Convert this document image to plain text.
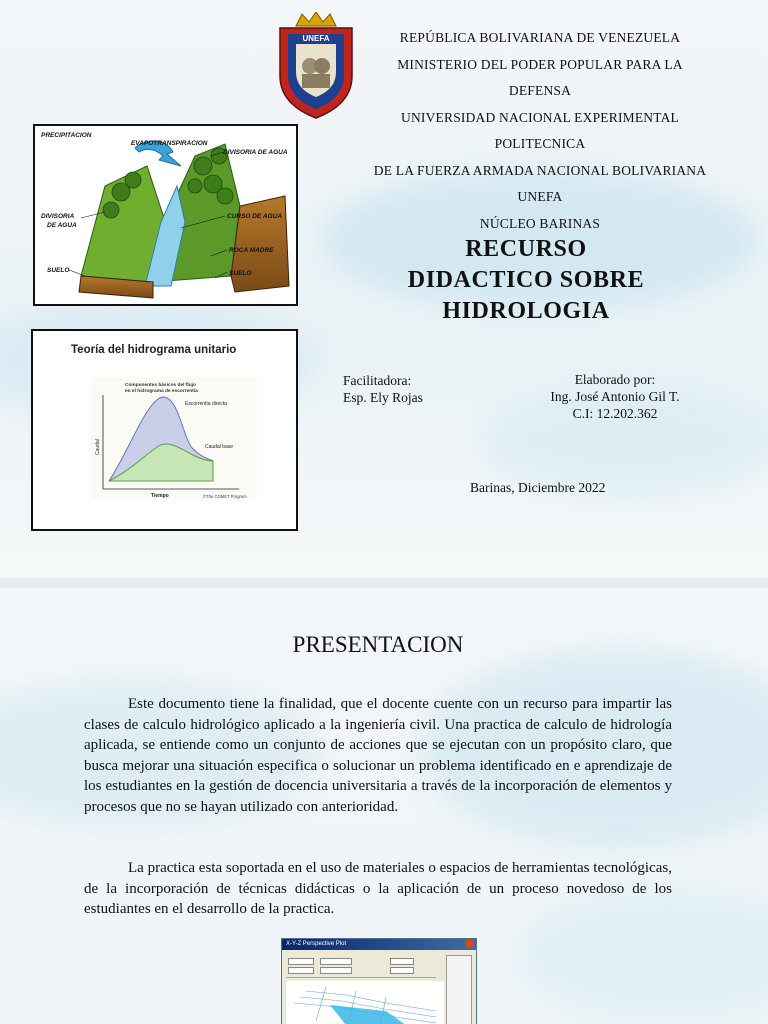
UNEFA	REPÚBLICA BOLIVARIANA DE VENEZUELA
MINISTERIO DEL PODER POPULAR PARA LA
DEFENSA
UNIVERSIDAD NACIONAL EXPERIMENTAL
POLITECNICA
DE LA FUERZA ARMADA NACIONAL BOLIVARIANA
UNEFA
NÚCLEO BARINAS
RECURSO
DIDACTICO SOBRE
HIDROLOGIA
PRECIPITACION
EVAPOTRANSPIRACION
DIVISORIA DE AGUA
DIVISORIA
DE AGUA
CURSO DE AGUA
ROCA MADRE
SUELO	SUELO
Teoría del hidrograma unitario
Componentes básicos del flujo
en el hidrograma de escorrentía
Escorrentía directa
Caudal base
Caudal
Tiempo	©The COMET Program
Facilitadora:
Esp. Ely Rojas
Elaborado por:
Ing. José Antonio Gil T.
C.I: 12.202.362
Barinas, Diciembre 2022
PRESENTACION

Este documento tiene la finalidad, que el docente cuente con un recurso para impartir las clases de calculo hidrológico aplicado a la ingeniería civil. Una practica de calculo de hidrología aplicada, se entiende como un conjunto de acciones que se ejecutan con un propósito claro, que busca mejorar una situación especifica o solucionar un problema identificado en e aprendizaje de los estudiantes en la gestión de docencia universitaria a través de la incorporación de elementos y procesos que no se hayan utilizado con anterioridad.

La practica esta soportada en el uso de materiales o espacios de herramientas tecnológicas, de la incorporación de técnicas didácticas o la aplicación de un proceso novedoso de los estudiantes en el desarrollo de la practica.

X-Y-Z Perspective Plot
